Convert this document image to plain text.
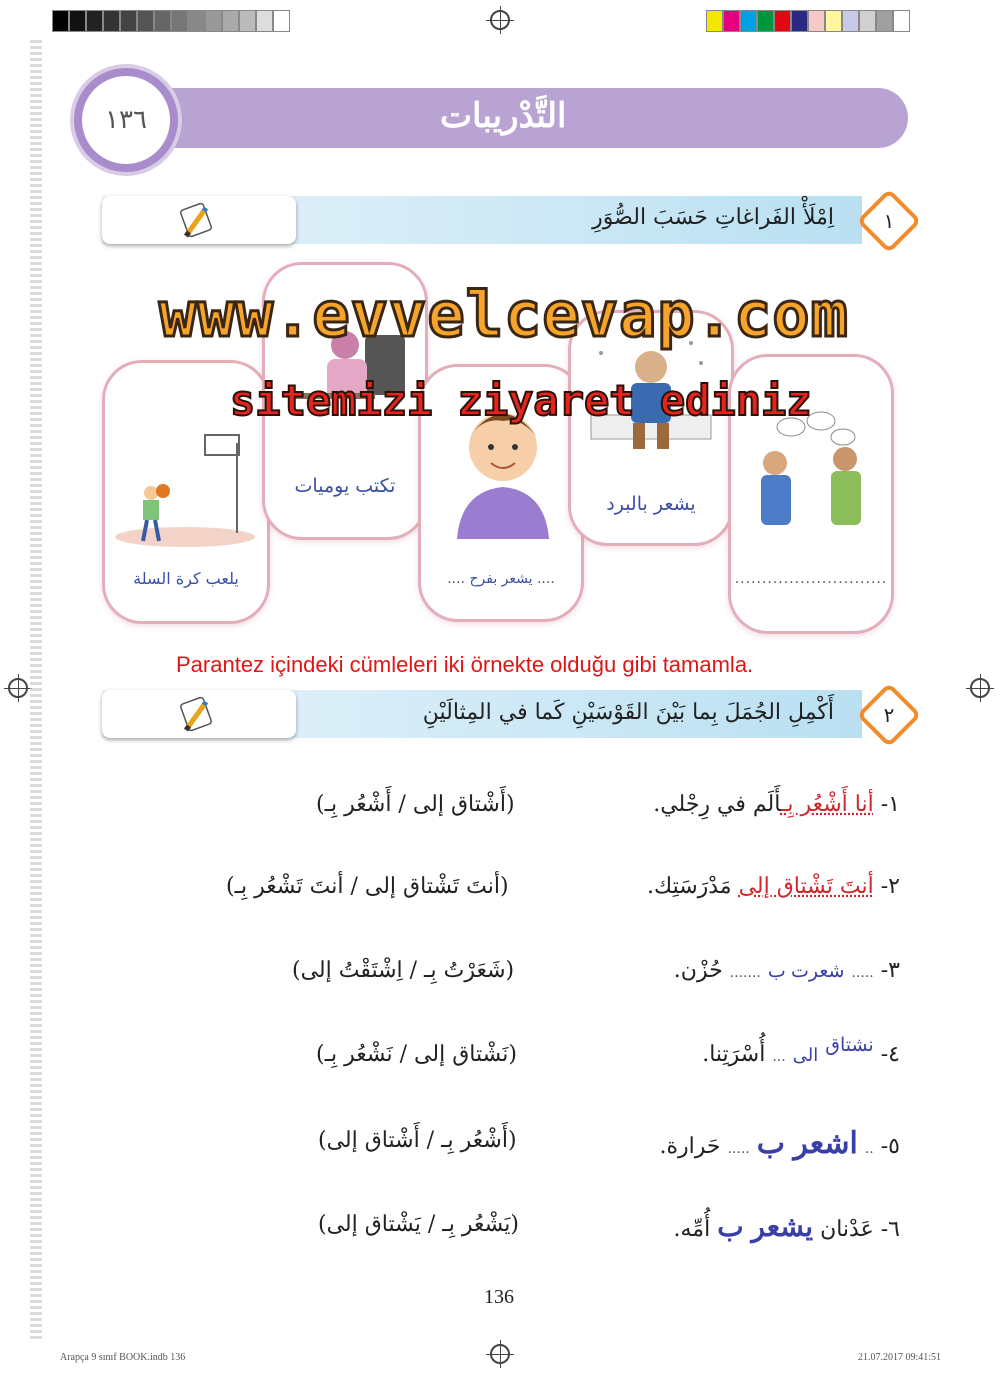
التَّدْريبات
١٣٦
١
اِمْلَأْ الفَراغاتِ حَسَبَ الصُّوَرِ
يلعب كرة السلة
تكتب يوميات
.... يشعر بفرح ....
يشعر بالبرد
............................
www.evvelcevap.com
sitemizi ziyaret ediniz
Parantez içindeki cümleleri iki örnekte olduğu gibi tamamla.
٢
أَكْمِلِ الجُمَلَ بِما بَيْنَ القَوْسَيْنِ كَما في المِثالَيْنِ
١- أنا أَشْعُر بِـأَلَم في رِجْلي.
(أَشْتاق إلى / أَشْعُر بِـ)
٢- أنتَ تَشْتاق إلى مَدْرَسَتِك.
(أنتَ تَشْتاق إلى / أنتَ تَشْعُر بِـ)
٣- ..... شعرت ب ....... حُزْن.
(شَعَرْتُ بِـ / اِشْتَقْتُ إلى)
٤- نشتاق الى ... أُسْرَتِنا.
(نَشْتاق إلى / نَشْعُر بِـ)
٥- .. اشعر ب ..... حَرارة.
(أَشْعُر بِـ / أَشْتاق إلى)
٦- عَدْنان يشعر ب أُمِّه.
(يَشْعُر بِـ / يَشْتاق إلى)
136
Arapça 9 sınıf BOOK.indb 136	21.07.2017 09:41:51
